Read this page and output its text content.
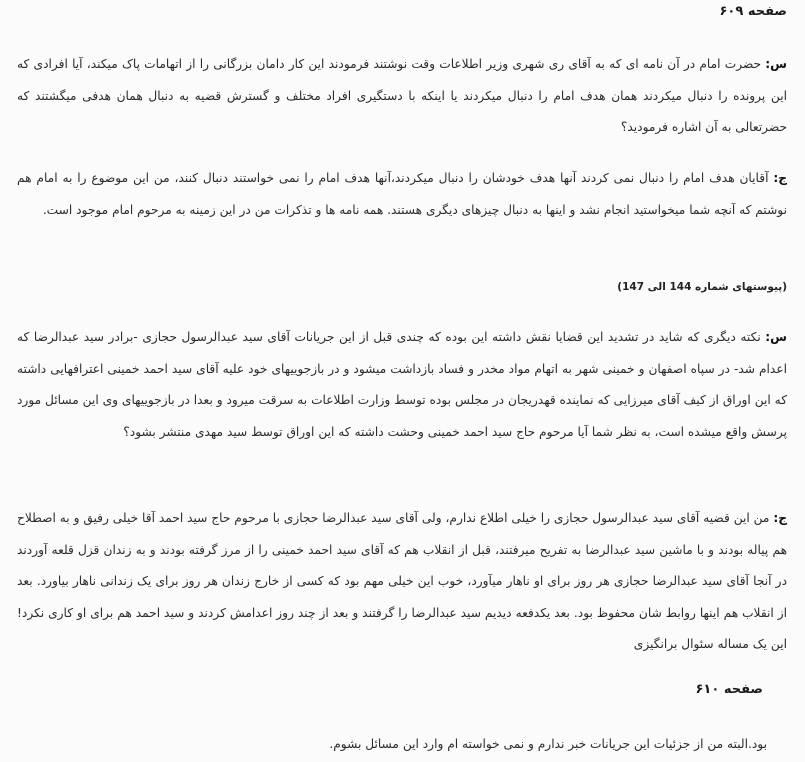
صفحه ۶۰۹
س: حضرت امام در آن نامه ای که به آقای ری شهری وزیر اطلاعات وقت نوشتند فرمودند این کار دامان بزرگانی را از اتهامات پاک میکند، آیا افرادی که این پرونده را دنبال میکردند همان هدف امام را دنبال میکردند یا اینکه با دستگیری افراد مختلف و گسترش قضیه به دنبال همان هدفی میگشتند که حضرتعالی به آن اشاره فرمودید؟
ج: آقایان هدف امام را دنبال نمی کردند آنها هدف خودشان را دنبال میکردند،آنها هدف امام را نمی خواستند دنبال کنند، من این موضوع را به امام هم نوشتم که آنچه شما میخواستید انجام نشد و اینها به دنبال چیزهای دیگری هستند. همه نامه ها و تذکرات من در این زمینه به مرحوم امام موجود است.
(پیوستهای شماره 144 الی 147)
س: نکته دیگری که شاید در تشدید این قضایا نقش داشته این بوده که چندی قبل از این جریانات آقای سید عبدالرسول حجازی -برادر سید عبدالرضا که اعدام شد- در سپاه اصفهان و خمینی شهر به اتهام مواد مخدر و فساد بازداشت میشود و در بازجوییهای خود علیه آقای سید احمد خمینی اعترافهایی داشته که این اوراق از کیف آقای میرزایی که نماینده قهدریجان در مجلس بوده توسط وزارت اطلاعات به سرقت میرود و بعدا در بازجوییهای وی این مسائل مورد پرسش واقع میشده است، به نظر شما آیا مرحوم حاج سید احمد خمینی وحشت داشته که این اوراق توسط سید مهدی منتشر بشود؟
ج: من این قضیه آقای سید عبدالرسول حجازی را خیلی اطلاع ندارم، ولی آقای سید عبدالرضا حجازی با مرحوم حاج سید احمد آقا خیلی رفیق و به اصطلاح هم پیاله بودند و با ماشین سید عبدالرضا به تفریح میرفتند، قبل از انقلاب هم که آقای سید احمد خمینی را از مرز گرفته بودند و به زندان قزل قلعه آوردند در آنجا آقای سید عبدالرضا حجازی هر روز برای او ناهار میآورد، خوب این خیلی مهم بود که کسی از خارج زندان هر روز برای یک زندانی ناهار بیاورد. بعد از انقلاب هم اینها روابط شان محفوظ بود. بعد یکدفعه دیدیم سید عبدالرضا را گرفتند و بعد از چند روز اعدامش کردند و سید احمد هم برای او کاری نکرد! این یک مساله سئوال برانگیزی
صفحه ۶۱۰
بود.البته من از جزئیات این جریانات خبر ندارم و نمی خواسته ام وارد این مسائل بشوم.
